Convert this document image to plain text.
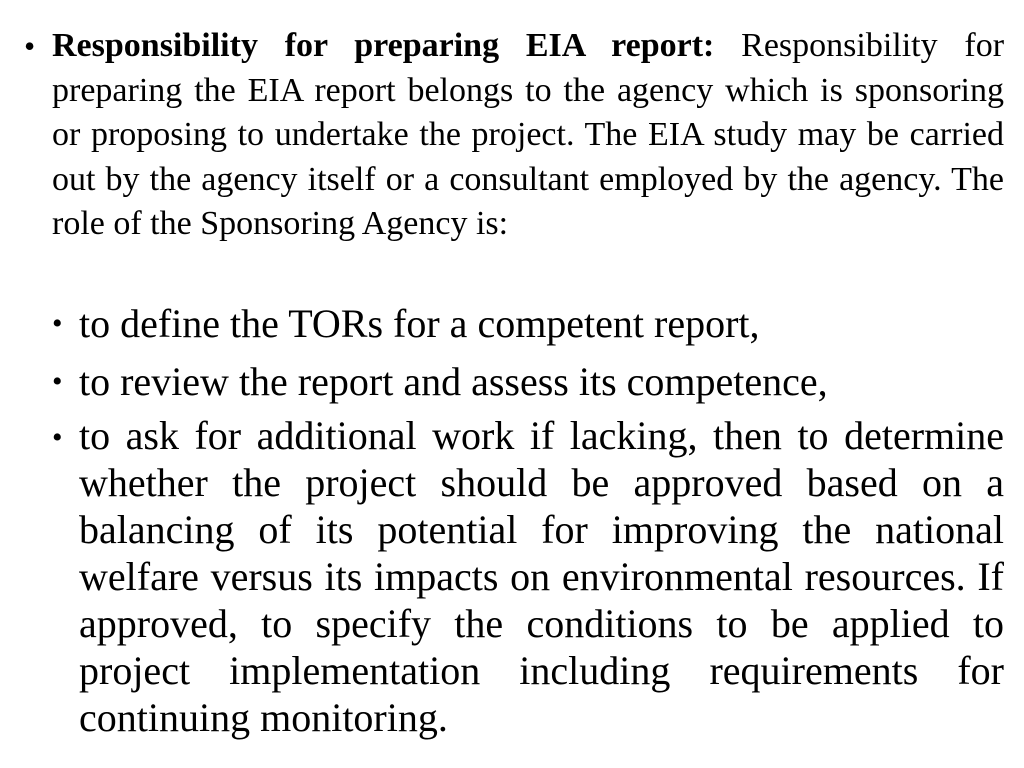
• Responsibility for preparing EIA report: Responsibility for preparing the EIA report belongs to the agency which is sponsoring or proposing to undertake the project. The EIA study may be carried out by the agency itself or a consultant employed by the agency. The role of the Sponsoring Agency is:
• to define the TORs for a competent report,
• to review the report and assess its competence,
• to ask for additional work if lacking, then to determine whether the project should be approved based on a balancing of its potential for improving the national welfare versus its impacts on environmental resources. If approved, to specify the conditions to be applied to project implementation including requirements for continuing monitoring.
